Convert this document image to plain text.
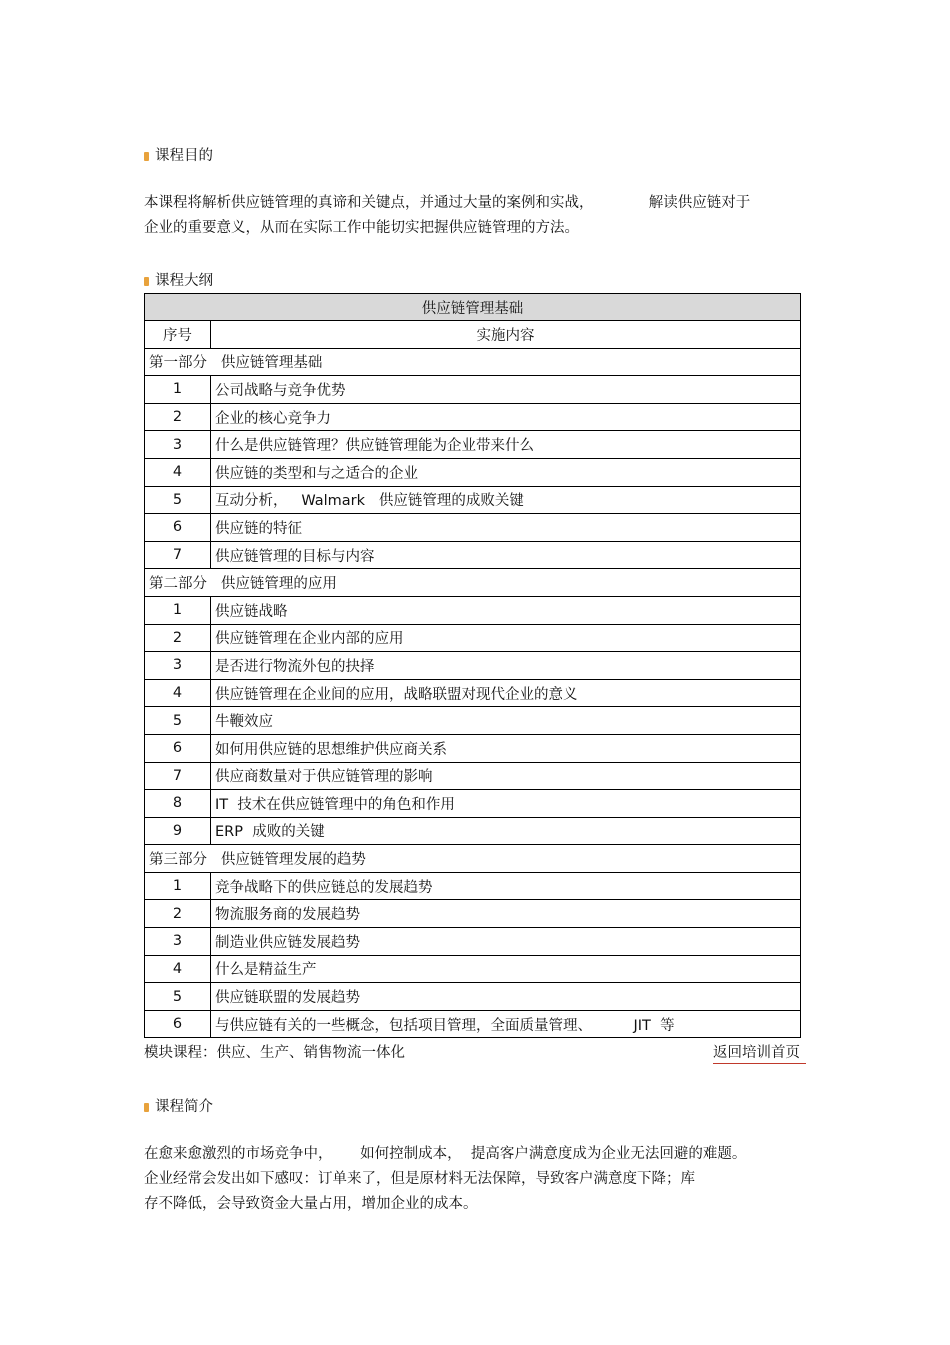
课程目的
本课程将解析供应链管理的真谛和关键点，并通过大量的案例和实战，            解读供应链对于
企业的重要意义，从而在实际工作中能切实把握供应链管理的方法。
课程大纲
供应链管理基础	
序号	实施内容
第一部分   供应链管理基础	
1	公司战略与竞争优势
2	企业的核心竞争力
3	什么是供应链管理？供应链管理能为企业带来什么
4	供应链的类型和与之适合的企业
5	互动分析，   Walmark   供应链管理的成败关键
6	供应链的特征
7	供应链管理的目标与内容
第二部分   供应链管理的应用	
1	供应链战略
2	供应链管理在企业内部的应用
3	是否进行物流外包的抉择
4	供应链管理在企业间的应用，战略联盟对现代企业的意义
5	牛鞭效应
6	如何用供应链的思想维护供应商关系
7	供应商数量对于供应链管理的影响
8	IT  技术在供应链管理中的角色和作用
9	ERP  成败的关键
第三部分   供应链管理发展的趋势	
1	竞争战略下的供应链总的发展趋势
2	物流服务商的发展趋势
3	制造业供应链发展趋势
4	什么是精益生产
5	供应链联盟的发展趋势
6	与供应链有关的一些概念，包括项目管理，全面质量管理、         JIT  等
模块课程：供应、生产、销售物流一体化	返回培训首页
课程简介
在愈来愈激烈的市场竞争中，      如何控制成本，  提高客户满意度成为企业无法回避的难题。
企业经常会发出如下感叹：订单来了，但是原材料无法保障，导致客户满意度下降；库
存不降低，会导致资金大量占用，增加企业的成本。
